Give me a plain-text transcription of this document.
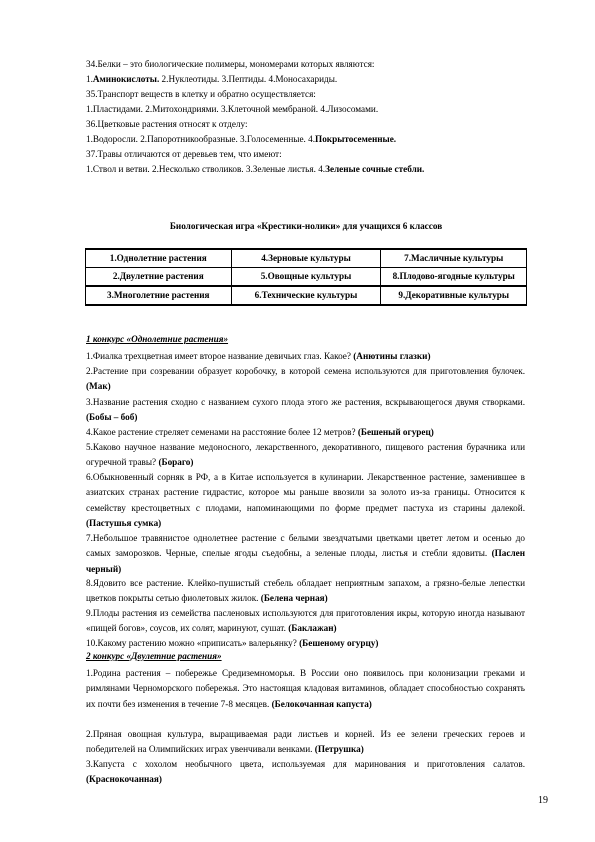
34.Белки – это биологические полимеры, мономерами которых являются:
1.Аминокислоты. 2.Нуклеотиды. 3.Пептиды. 4.Моносахариды.
35.Транспорт веществ в клетку и обратно осуществляется:
1.Пластидами. 2.Митохондриями. 3.Клеточной мембраной. 4.Лизосомами.
36.Цветковые растения относят к отделу:
1.Водоросли. 2.Папоротникообразные. 3.Голосеменные. 4.Покрытосеменные.
37.Травы отличаются от деревьев тем, что имеют:
1.Ствол и ветви. 2.Несколько стволиков. 3.Зеленые листья. 4.Зеленые сочные стебли.
Биологическая игра «Крестики-нолики» для учащихся 6 классов
1.Однолетние растения	4.Зерновые культуры	7.Масличные культуры
2.Двулетние растения	5.Овощные культуры	8.Плодово-ягодные культуры
3.Многолетние растения	6.Технические культуры	9.Декоративные культуры
1 конкурс «Однолетние растения»
1.Фиалка трехцветная имеет второе название девичьих глаз. Какое? (Анютины глазки)
2.Растение при созревании образует коробочку, в которой семена используются для приготовления булочек. (Мак)
3.Название растения сходно с названием сухого плода этого же растения, вскрывающегося двумя створками. (Бобы – боб)
4.Какое растение стреляет семенами на расстояние более 12 метров? (Бешеный огурец)
5.Каково научное название медоносного, лекарственного, декоративного, пищевого растения бурачника или огуречной травы? (Бораго)
6.Обыкновенный сорняк в РФ, а в Китае используется в кулинарии. Лекарственное растение, заменившее в азиатских странах растение гидрастис, которое мы раньше ввозили за золото из-за границы. Относится к семейству крестоцветных с плодами, напоминающими по форме предмет пастуха из старины далекой. (Пастушья сумка)
7.Небольшое травянистое однолетнее растение с белыми звездчатыми цветками цветет летом и осенью до самых заморозков. Черные, спелые ягоды съедобны, а зеленые плоды, листья и стебли ядовиты. (Паслен черный)
8.Ядовито все растение. Клейко-пушистый стебель обладает неприятным запахом, а грязно-белые лепестки цветков покрыты сетью фиолетовых жилок. (Белена черная)
9.Плоды растения из семейства пасленовых используются для приготовления икры, которую иногда называют «пищей богов», соусов, их солят, маринуют, сушат. (Баклажан)
10.Какому растению можно «приписать» валерьянку? (Бешеному огурцу)
2 конкурс «Двулетние растения»
1.Родина растения – побережье Средиземноморья. В России оно появилось при колонизации греками и римлянами Черноморского побережья. Это настоящая кладовая витаминов, обладает способностью сохранять их почти без изменения в течение 7-8 месяцев. (Белокочанная капуста)
2.Пряная овощная культура, выращиваемая ради листьев и корней. Из ее зелени греческих героев и победителей на Олимпийских играх увенчивали венками. (Петрушка)
3.Капуста с хохолом необычного цвета, используемая для маринования и приготовления салатов. (Краснокочанная)
19
